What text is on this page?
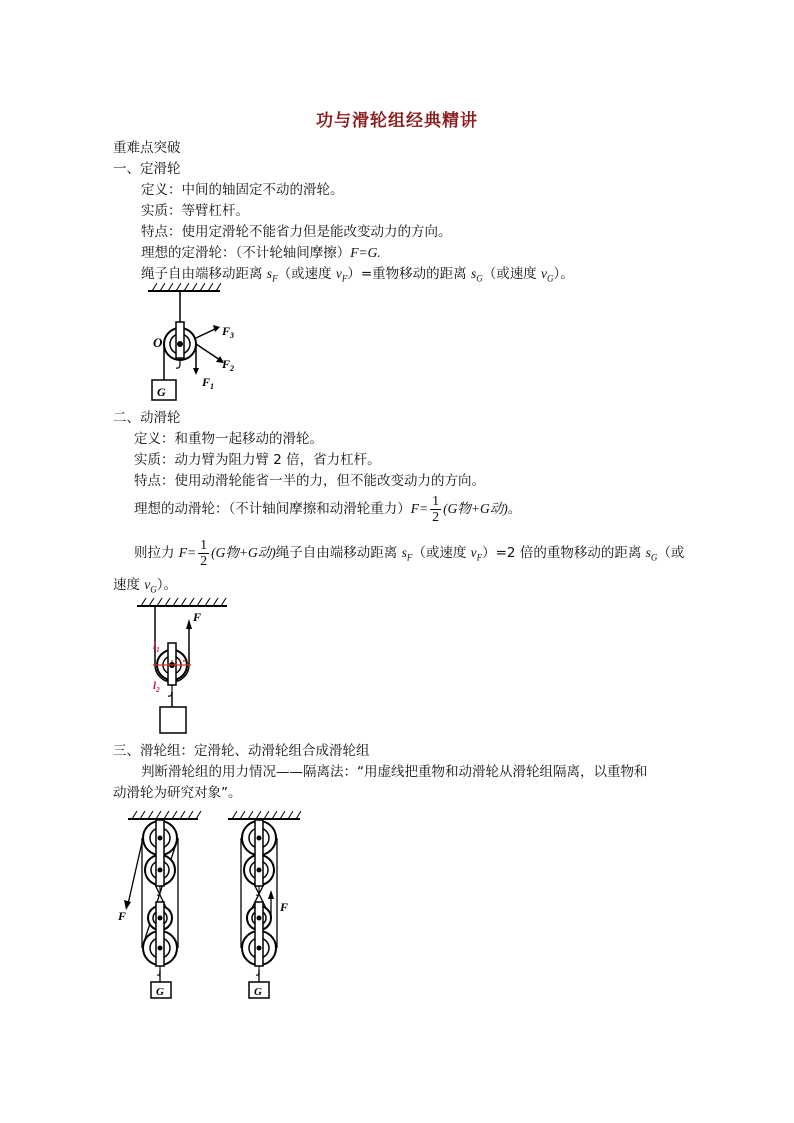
功与滑轮组经典精讲
重难点突破
一、定滑轮
定义：中间的轴固定不动的滑轮。
实质：等臂杠杆。
特点：使用定滑轮不能省力但是能改变动力的方向。
理想的定滑轮：（不计轮轴间摩擦）F=G.
绳子自由端移动距离 $s_F$（或速度 $v_F)=$重物移动的距离 $s_G$（或速度 $v_G$）。
G
O
$F_3$
$F_2$
$F_1$
二、动滑轮
定义：和重物一起移动的滑轮。
实质：动力臂为阻力臂 2 倍，省力杠杆。
特点：使用动滑轮能省一半的力，但不能改变动力的方向。
理想的动滑轮：（不计轴间摩擦和动滑轮重力）$F= \frac{1}{2} (G$物+G动)。
则拉力 $F= \frac{1}{2} (G$物+G动)绳子自由端移动距离 $s_F$（或速度 $v_F)=2$ 倍的重物移动的距离 $s_G$（或
速度 $v_G$）。
F
$l_1$
$l_2$
三、滑轮组：定滑轮、动滑轮组合成滑轮组
判断滑轮组的用力情况——隔离法：“用虚线把重物和动滑轮从滑轮组隔离，以重物和
动滑轮为研究对象”。
G
F
G
F
